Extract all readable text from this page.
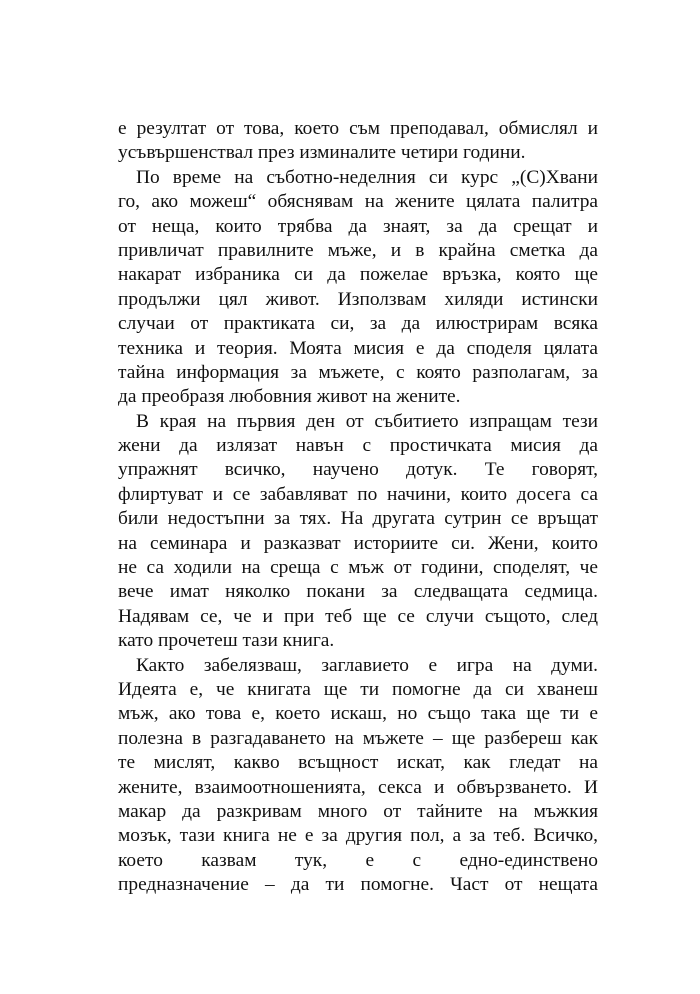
е резултат от това, което съм преподавал, обмислял и
усъвършенствал през изминалите четири години.
По време на съботно-неделния си курс „(С)Хвани
го, ако можеш“ обяснявам на жените цялата палитра
от неща, които трябва да знаят, за да срещат и
привличат правилните мъже, и в крайна сметка да
накарат избраника си да пожелае връзка, която ще
продължи цял живот. Използвам хиляди истински
случаи от практиката си, за да илюстрирам всяка
техника и теория. Моята мисия е да споделя цялата
тайна информация за мъжете, с която разполагам, за
да преобразя любовния живот на жените.
В края на първия ден от събитието изпращам тези
жени да излязат навън с простичката мисия да
упражнят всичко, научено дотук. Те говорят,
флиртуват и се забавляват по начини, които досега са
били недостъпни за тях. На другата сутрин се връщат
на семинара и разказват историите си. Жени, които
не са ходили на среща с мъж от години, споделят, че
вече имат няколко покани за следващата седмица.
Надявам се, че и при теб ще се случи същото, след
като прочетеш тази книга.
Както забелязваш, заглавието е игра на думи.
Идеята е, че книгата ще ти помогне да си хванеш
мъж, ако това е, което искаш, но също така ще ти е
полезна в разгадаването на мъжете – ще разбереш как
те мислят, какво всъщност искат, как гледат на
жените, взаимоотношенията, секса и обвързването. И
макар да разкривам много от тайните на мъжкия
мозък, тази книга не е за другия пол, а за теб. Всичко,
което казвам тук, е с едно-единствено
предназначение – да ти помогне. Част от нещата
